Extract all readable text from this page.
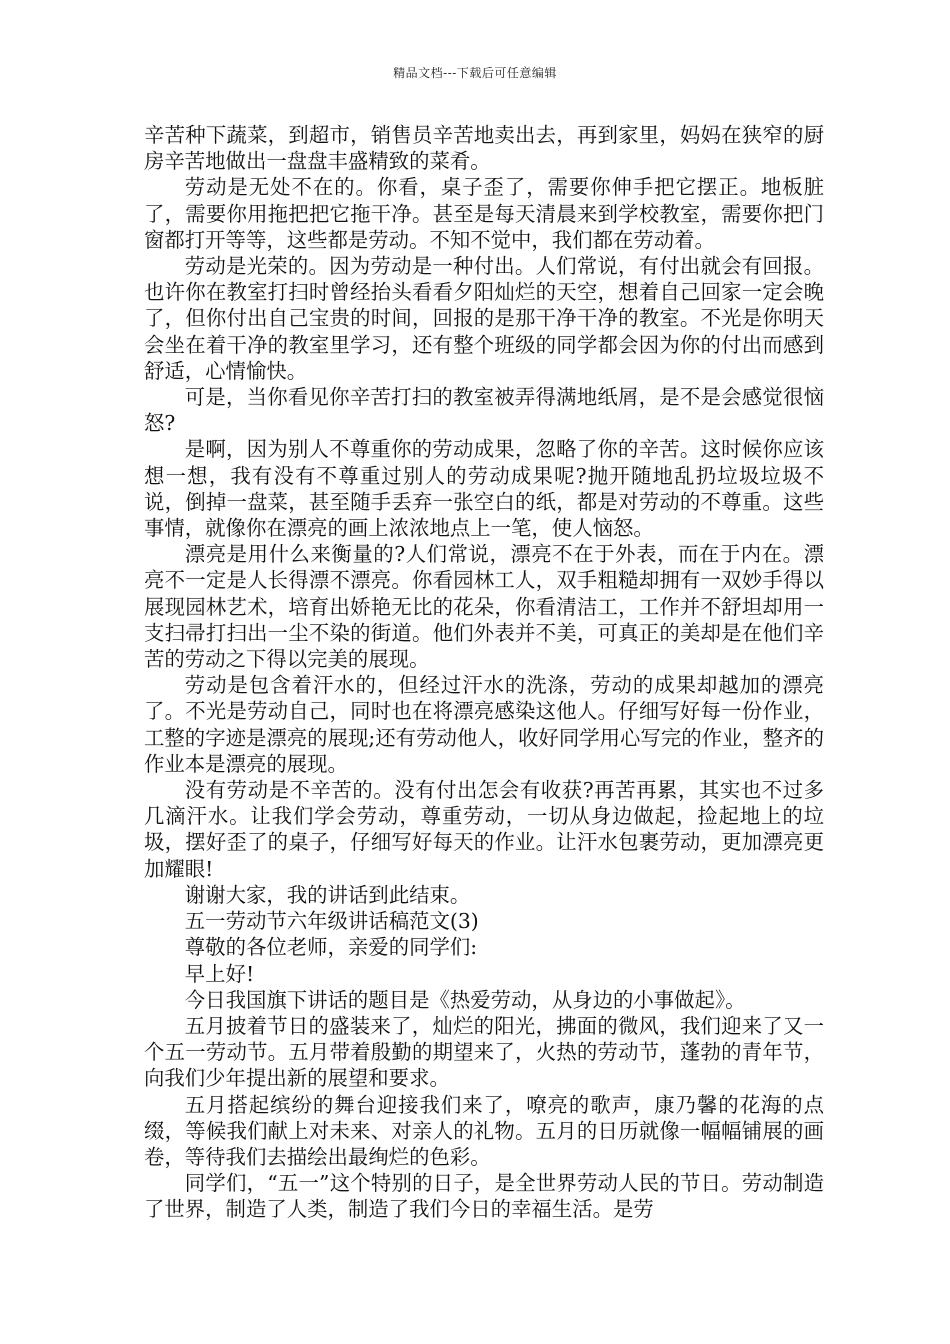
精品文档---下载后可任意编辑

辛苦种下蔬菜，到超市，销售员辛苦地卖出去，再到家里，妈妈在狭窄的厨房辛苦地做出一盘盘丰盛精致的菜肴。

劳动是无处不在的。你看，桌子歪了，需要你伸手把它摆正。地板脏了，需要你用拖把把它拖干净。甚至是每天清晨来到学校教室，需要你把门窗都打开等等，这些都是劳动。不知不觉中，我们都在劳动着。

劳动是光荣的。因为劳动是一种付出。人们常说，有付出就会有回报。也许你在教室打扫时曾经抬头看看夕阳灿烂的天空，想着自己回家一定会晚了，但你付出自己宝贵的时间，回报的是那干净干净的教室。不光是你明天会坐在着干净的教室里学习，还有整个班级的同学都会因为你的付出而感到舒适，心情愉快。

可是，当你看见你辛苦打扫的教室被弄得满地纸屑，是不是会感觉很恼怒?

是啊，因为别人不尊重你的劳动成果，忽略了你的辛苦。这时候你应该想一想，我有没有不尊重过别人的劳动成果呢?抛开随地乱扔垃圾垃圾不说，倒掉一盘菜，甚至随手丢弃一张空白的纸，都是对劳动的不尊重。这些事情，就像你在漂亮的画上浓浓地点上一笔，使人恼怒。

漂亮是用什么来衡量的?人们常说，漂亮不在于外表，而在于内在。漂亮不一定是人长得漂不漂亮。你看园林工人，双手粗糙却拥有一双妙手得以展现园林艺术，培育出娇艳无比的花朵，你看清洁工，工作并不舒坦却用一支扫帚打扫出一尘不染的街道。他们外表并不美，可真正的美却是在他们辛苦的劳动之下得以完美的展现。

劳动是包含着汗水的，但经过汗水的洗涤，劳动的成果却越加的漂亮了。不光是劳动自己，同时也在将漂亮感染这他人。仔细写好每一份作业，工整的字迹是漂亮的展现;还有劳动他人，收好同学用心写完的作业，整齐的作业本是漂亮的展现。

没有劳动是不辛苦的。没有付出怎会有收获?再苦再累，其实也不过多几滴汗水。让我们学会劳动，尊重劳动，一切从身边做起，捡起地上的垃圾，摆好歪了的桌子，仔细写好每天的作业。让汗水包裹劳动，更加漂亮更加耀眼!

谢谢大家，我的讲话到此结束。

五一劳动节六年级讲话稿范文(3)

尊敬的各位老师，亲爱的同学们:

早上好!

今日我国旗下讲话的题目是《热爱劳动，从身边的小事做起》。

五月披着节日的盛装来了，灿烂的阳光，拂面的微风，我们迎来了又一个五一劳动节。五月带着殷勤的期望来了，火热的劳动节，蓬勃的青年节，向我们少年提出新的展望和要求。

五月搭起缤纷的舞台迎接我们来了，嘹亮的歌声，康乃馨的花海的点缀，等候我们献上对未来、对亲人的礼物。五月的日历就像一幅幅铺展的画卷，等待我们去描绘出最绚烂的色彩。

同学们，“五一”这个特别的日子，是全世界劳动人民的节日。劳动制造了世界，制造了人类，制造了我们今日的幸福生活。是劳
